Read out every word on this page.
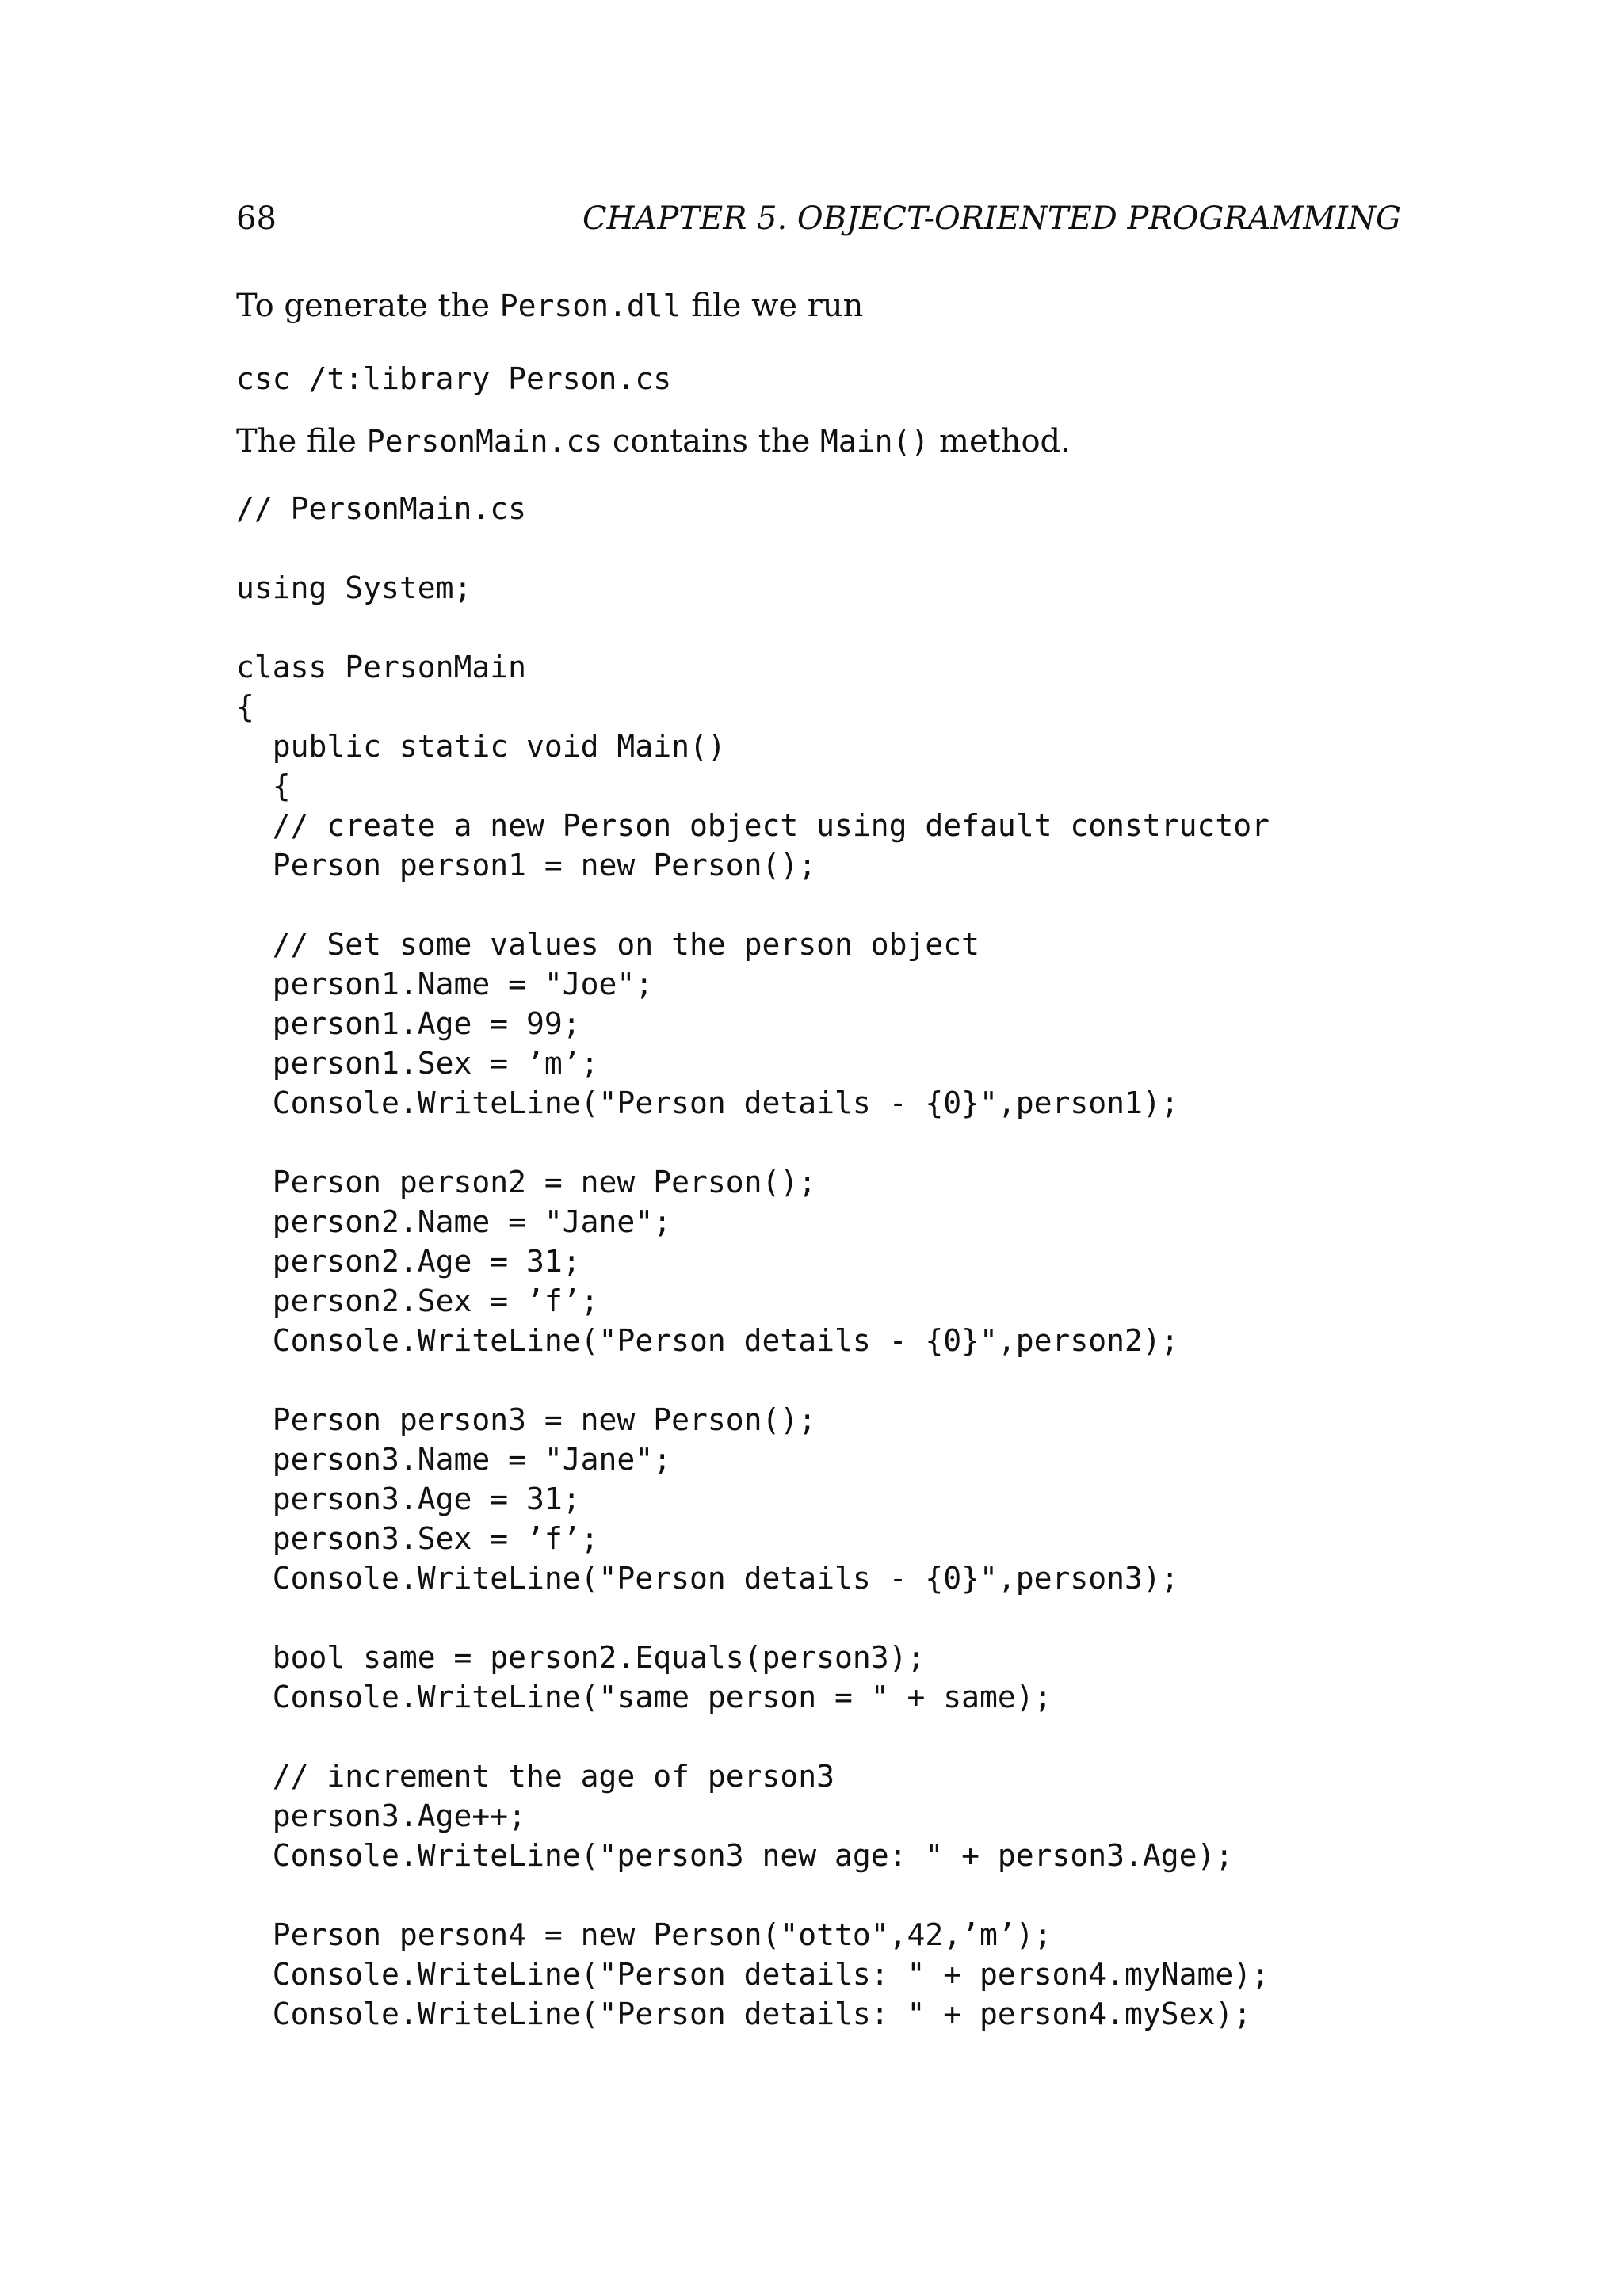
68	CHAPTER 5. OBJECT-ORIENTED PROGRAMMING
To generate the Person.dll file we run
csc /t:library Person.cs
The file PersonMain.cs contains the Main() method.
// PersonMain.cs
using System;
class PersonMain
{
public static void Main()
{
// create a new Person object using default constructor
Person person1 = new Person();
// Set some values on the person object
person1.Name = "Joe";
person1.Age = 99;
person1.Sex = ’m’;
Console.WriteLine("Person details - {0}",person1);
Person person2 = new Person();
person2.Name = "Jane";
person2.Age = 31;
person2.Sex = ’f’;
Console.WriteLine("Person details - {0}",person2);
Person person3 = new Person();
person3.Name = "Jane";
person3.Age = 31;
person3.Sex = ’f’;
Console.WriteLine("Person details - {0}",person3);
bool same = person2.Equals(person3);
Console.WriteLine("same person = " + same);
// increment the age of person3
person3.Age++;
Console.WriteLine("person3 new age: " + person3.Age);
Person person4 = new Person("otto",42,’m’);
Console.WriteLine("Person details: " + person4.myName);
Console.WriteLine("Person details: " + person4.mySex);
